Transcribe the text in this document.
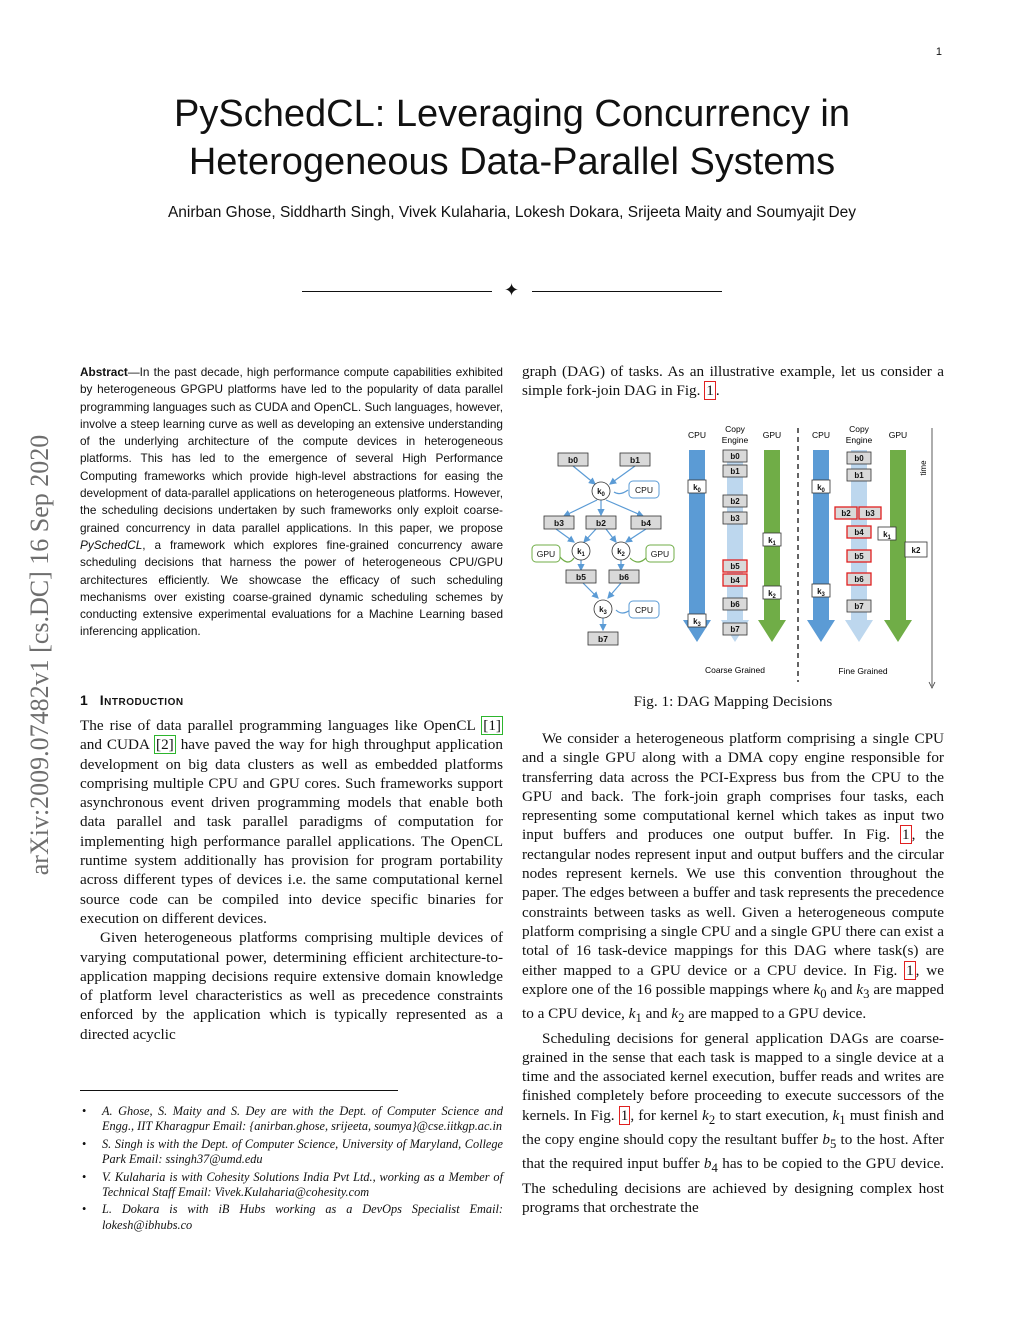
1
PySchedCL: Leveraging Concurrency in
Heterogeneous Data-Parallel Systems
Anirban Ghose, Siddharth Singh, Vivek Kulaharia, Lokesh Dokara, Srijeeta Maity and Soumyajit Dey
✦
arXiv:2009.07482v1 [cs.DC] 16 Sep 2020
Abstract—In the past decade, high performance compute capabilities exhibited by heterogeneous GPGPU platforms have led to the popularity of data parallel programming languages such as CUDA and OpenCL. Such languages, however, involve a steep learning curve as well as developing an extensive understanding of the underlying architecture of the compute devices in heterogeneous platforms. This has led to the emergence of several High Performance Computing frameworks which provide high-level abstractions for easing the development of data-parallel applications on heterogeneous platforms. However, the scheduling decisions undertaken by such frameworks only exploit coarse-grained concurrency in data parallel applications. In this paper, we propose PySchedCL, a framework which explores fine-grained concurrency aware scheduling decisions that harness the power of heterogeneous CPU/GPU architectures efficiently. We showcase the efficacy of such scheduling mechanisms over existing coarse-grained dynamic scheduling schemes by conducting extensive experimental evaluations for a Machine Learning based inferencing application.
1 Introduction

The rise of data parallel programming languages like OpenCL [1] and CUDA [2] have paved the way for high throughput application development on big data clusters as well as embedded platforms comprising multiple CPU and GPU cores. Such frameworks support asynchronous event driven programming models that enable both data parallel and task parallel paradigms of computation for implementing high performance parallel applications. The OpenCL runtime system additionally has provision for program portability across different types of devices i.e. the same computational kernel source code can be compiled into device specific binaries for execution on different devices.

Given heterogeneous platforms comprising multiple devices of varying computational power, determining efficient architecture-to-application mapping decisions require extensive domain knowledge of platform level characteristics as well as precedence constraints enforced by the application which is typically represented as a directed acyclic

• A. Ghose, S. Maity and S. Dey are with the Dept. of Computer Science and Engg., IIT Kharagpur Email: {anirban.ghose, srijeeta, soumya}@cse.iitkgp.ac.in
• S. Singh is with the Dept. of Computer Science, University of Maryland, College Park Email: ssingh37@umd.edu
• V. Kulaharia is with Cohesity Solutions India Pvt Ltd., working as a Member of Technical Staff Email: Vivek.Kulaharia@cohesity.com
• L. Dokara is with iB Hubs working as a DevOps Specialist Email: lokesh@ibhubs.co

graph (DAG) of tasks. As an illustrative example, let us consider a simple fork-join DAG in Fig. 1 .

b0	b1
b3	b2	b4
b5	b6
b7
$k_0$
$k_1$	$k_2$
$k_3$
CPU
GPU	GPU
CPU
CPU
Copy
Engine GPU
b0
b1
b2
b3
b5
b4
b6
b7
$k_0$
$k_3$
$k_1$
$k_2$
Coarse Grained
CPU
Copy
Engine GPU
b0
b1
b2 b3
b4
b5
b6
b7
$k_0$
$k_3$
$k_1$
k2
Fine Grained
time
Fig. 1: DAG Mapping Decisions

We consider a heterogeneous platform comprising a single CPU and a single GPU along with a DMA copy engine responsible for transferring data across the PCI-Express bus from the CPU to the GPU and back. The fork-join graph comprises four tasks, each representing some computational kernel which takes as input two input buffers and produces one output buffer. In Fig. 1 , the rectangular nodes represent input and output buffers and the circular nodes represent kernels. We use this convention throughout the paper. The edges between a buffer and task represents the precedence constraints between tasks as well. Given a heterogeneous compute platform comprising a single CPU and a single GPU there can exist a total of 16 task-device mappings for this DAG where task(s) are either mapped to a GPU device or a CPU device. In Fig. 1 , we explore one of the 16 possible mappings where $k_0$ and $k_3$ are mapped to a CPU device, $k_1$ and $k_2$ are mapped to a GPU device.

Scheduling decisions for general application DAGs are coarse-grained in the sense that each task is mapped to a single device at a time and the associated kernel execution, buffer reads and writes are finished completely before proceeding to execute successors of the kernels. In Fig. 1 , for kernel $k_2$ to start execution, $k_1$ must finish and the copy engine should copy the resultant buffer $b_5$ to the host. After that the required input buffer $b_4$ has to be copied to the GPU device. The scheduling decisions are achieved by designing complex host programs that orchestrate the
